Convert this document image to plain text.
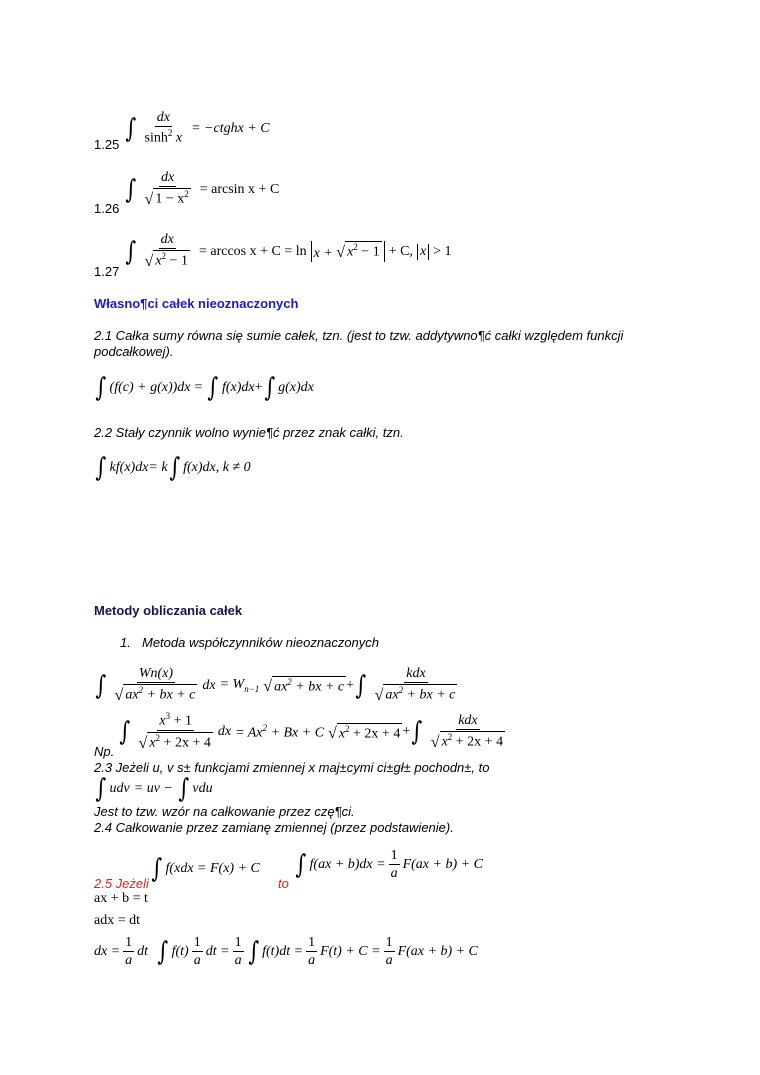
1.25
∫ $\frac{dx}{\sinh^2 x}$ = −ctghx + C
1.26
∫ $\frac{dx}{√ 1 - x^2} = \arcsin x + C$
1.27
∫ $\frac{dx}{√ x^2 - 1} = \arccos x + C = \ln x$ + √ $x^2 - 1 + C$, x > 1
Własno¶ci całek nieoznaczonych
2.1 Całka sumy równa się sumie całek, tzn. (jest to tzw. addytywno¶ć całki względem funkcji
podcałkowej).
∫ (f(c) + g(x))dx = ∫ f(x)dx + ∫ g(x)dx
2.2 Stały czynnik wolno wynie¶ć przez znak całki, tzn.
∫ kf(x)dx = k ∫ f(x)dx, k ≠ 0
Metody obliczania całek
1. Metoda współczynników nieoznaczonych
∫ Wn(x)
√ $ax^2$ + bx + c
dx = $W_{n-1}$ √ $ax^2$ + bx + c + ∫	kdx
√ $ax^2$ + bx + c
Np.
∫ $x^3 + 1$
√ $x^2 + 2x + 4$
dx = $Ax^2 + Bx + C$ √ $x^2 + 2x + 4$ + ∫	kdx
√ $x^2 + 2x + 4$
2.3 Jeżeli u, v s± funkcjami zmiennej x maj±cymi ci±gł± pochodn±, to
∫ udv = uv − ∫ vdu
Jest to tzw. wzór na całkowanie przez czę¶ci.
2.4 Całkowanie przez zamianę zmiennej (przez podstawienie).
2.5 Jeżeli ∫ f(xdx = F(x) + C
to
∫ $f(ax + b)dx = \frac{1}{a} F(ax + b) + C$
ax + b = t
adx = dt
dx = $\frac{1}{a}$ dt ∫ f(t)
1
a
dt = $\frac{1}{a}$ ∫ $f(t)dt = \frac{1}{a} F(t) + C = \frac{1}{a} F(ax + b) + C$
